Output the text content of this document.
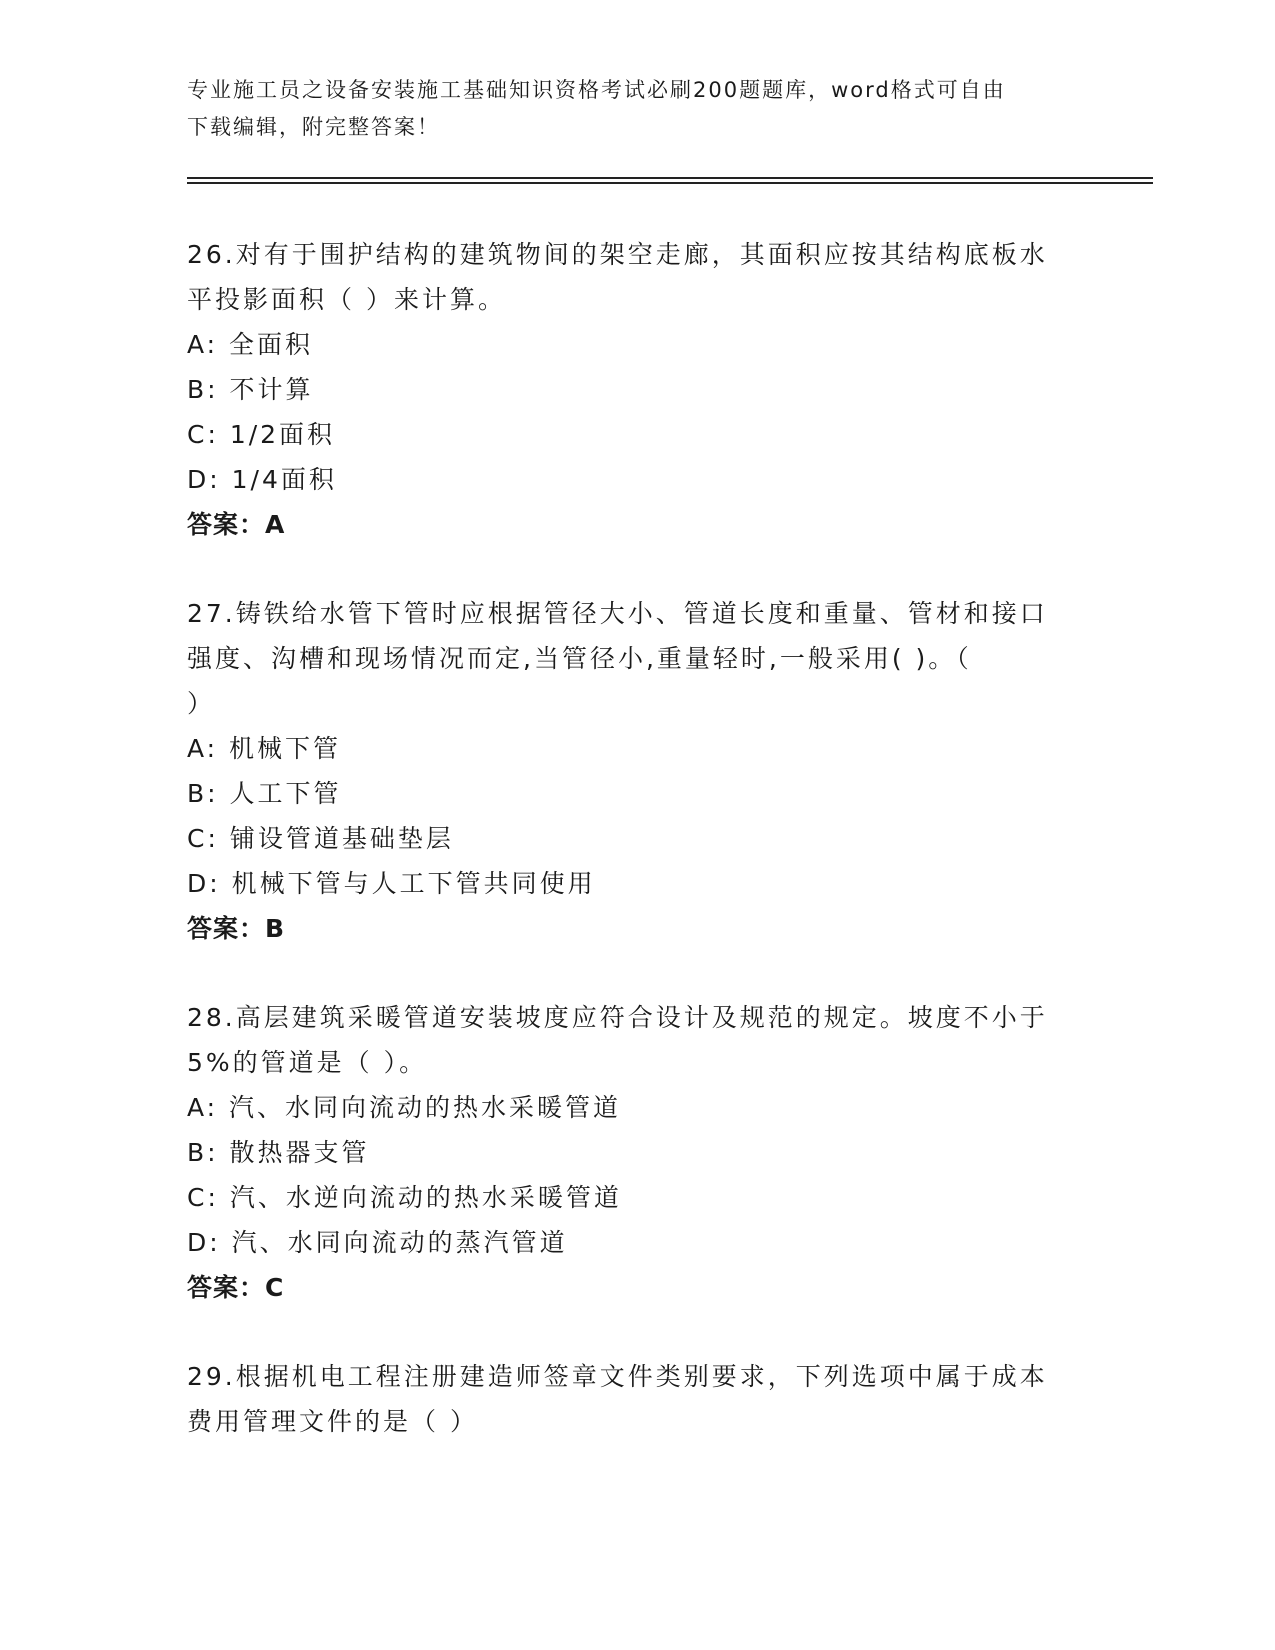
专业施工员之设备安装施工基础知识资格考试必刷200题题库，word格式可自由
下载编辑，附完整答案！

26.对有于围护结构的建筑物间的架空走廊，其面积应按其结构底板水
平投影面积（ ）来计算。

A: 全面积

B: 不计算

C: 1/2面积

D: 1/4面积

答案：A

27.铸铁给水管下管时应根据管径大小、管道长度和重量、管材和接口
强度、沟槽和现场情况而定,当管径小,重量轻时,一般采用( )。（
）

A: 机械下管

B: 人工下管

C: 铺设管道基础垫层

D: 机械下管与人工下管共同使用

答案：B

28.高层建筑采暖管道安装坡度应符合设计及规范的规定。坡度不小于
5%的管道是（ ）。

A: 汽、水同向流动的热水采暖管道

B: 散热器支管

C: 汽、水逆向流动的热水采暖管道

D: 汽、水同向流动的蒸汽管道

答案：C

29.根据机电工程注册建造师签章文件类别要求，下列选项中属于成本
费用管理文件的是（ ）
